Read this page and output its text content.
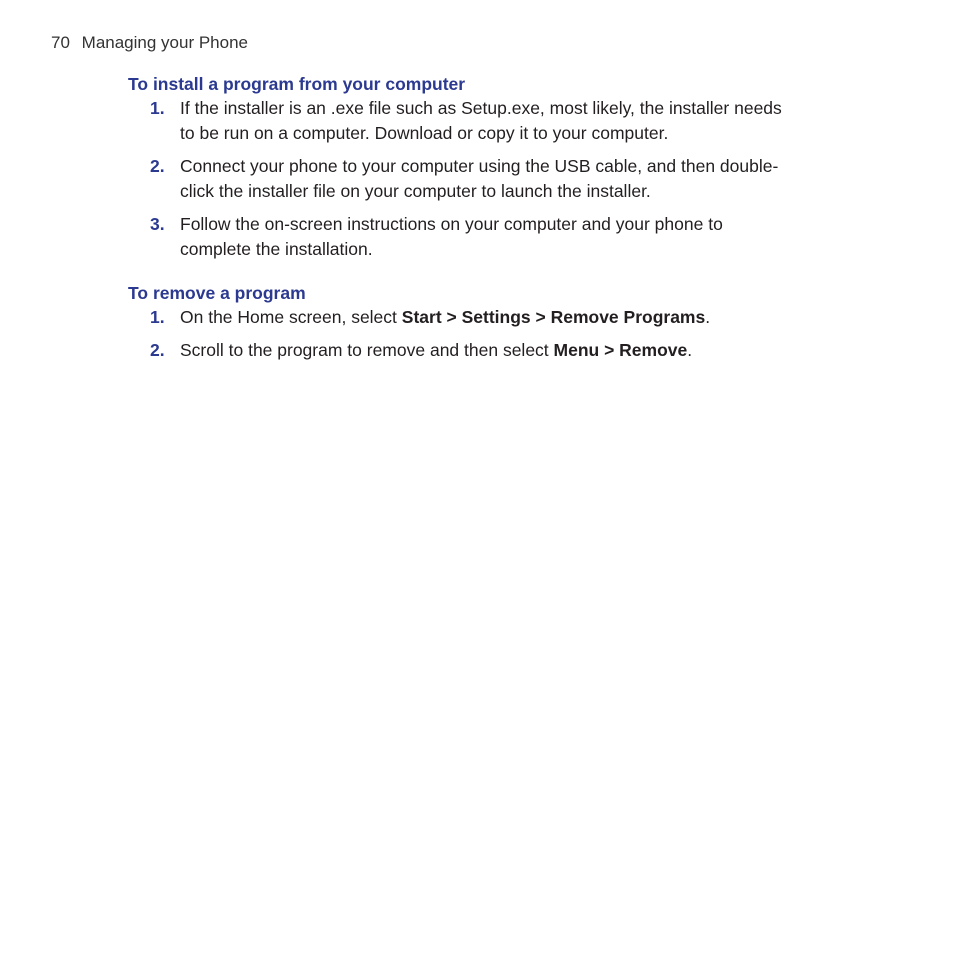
70 Managing your Phone
To install a program from your computer
1. If the installer is an .exe file such as Setup.exe, most likely, the installer needs
to be run on a computer. Download or copy it to your computer.
2. Connect your phone to your computer using the USB cable, and then double-
click the installer file on your computer to launch the installer.
3. Follow the on-screen instructions on your computer and your phone to
complete the installation.
To remove a program
1. On the Home screen, select Start > Settings > Remove Programs.
2. Scroll to the program to remove and then select Menu > Remove.
